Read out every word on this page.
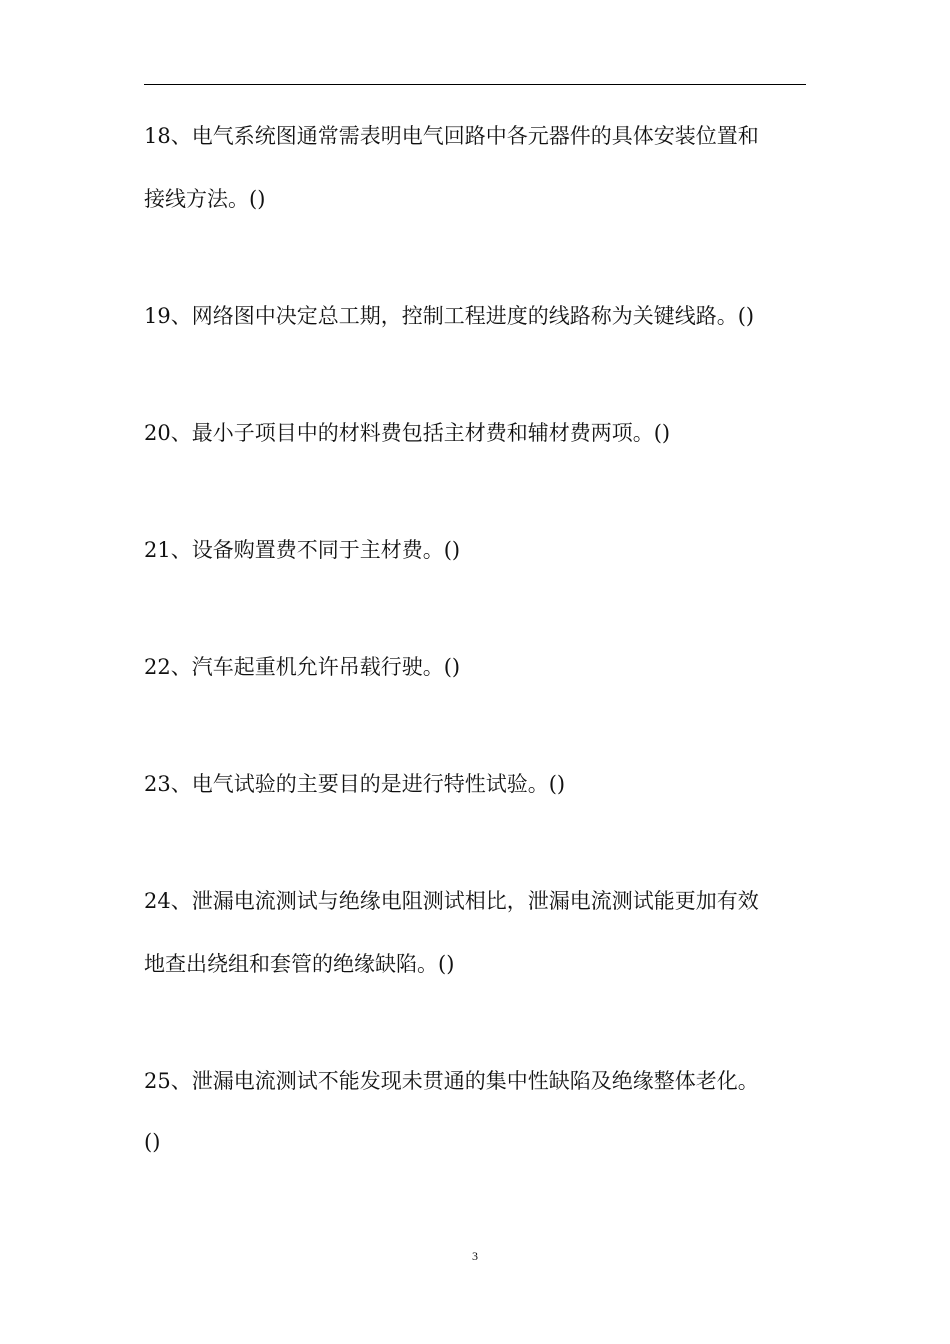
18、电气系统图通常需表明电气回路中各元器件的具体安装位置和
接线方法。()
19、网络图中决定总工期，控制工程进度的线路称为关键线路。()
20、最小子项目中的材料费包括主材费和辅材费两项。()
21、设备购置费不同于主材费。()
22、汽车起重机允许吊载行驶。()
23、电气试验的主要目的是进行特性试验。()
24、泄漏电流测试与绝缘电阻测试相比，泄漏电流测试能更加有效
地查出绕组和套管的绝缘缺陷。()
25、泄漏电流测试不能发现未贯通的集中性缺陷及绝缘整体老化。
()
3
